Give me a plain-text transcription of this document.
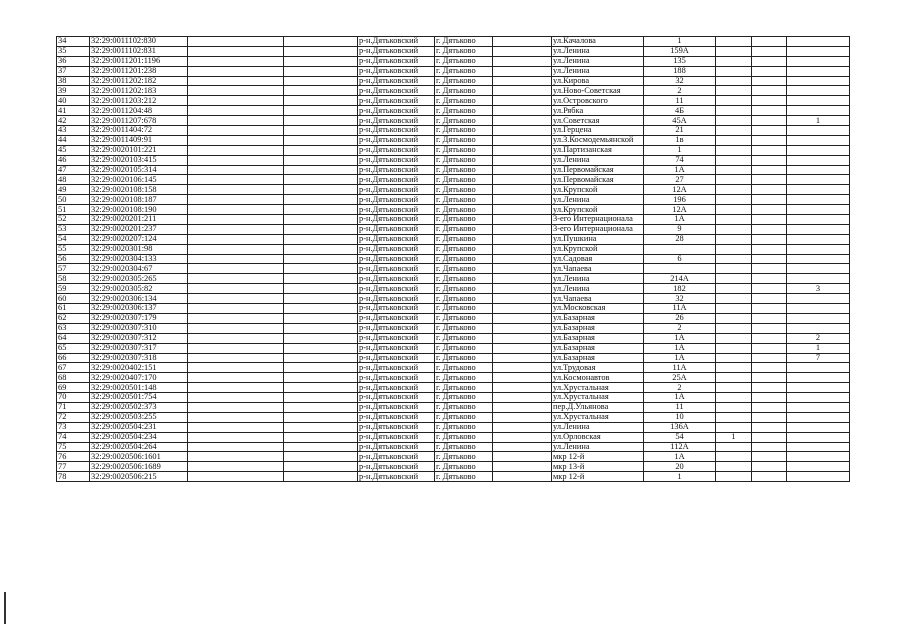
34	32:29:0011102:830			р-н.Дятьковский	г. Дятьково		ул.Качалова	1			
35	32:29:0011102:831			р-н.Дятьковский	г. Дятьково		ул.Ленина	159А			
36	32:29:0011201:1196			р-н.Дятьковский	г. Дятьково		ул.Ленина	135			
37	32:29:0011201:238			р-н.Дятьковский	г. Дятьково		ул.Ленина	188			
38	32:29:0011202:182			р-н.Дятьковский	г. Дятьково		ул.Кирова	32			
39	32:29:0011202:183			р-н.Дятьковский	г. Дятьково		ул.Ново-Советская	2			
40	32:29:0011203:212			р-н.Дятьковский	г. Дятьково		ул.Островского	11			
41	32:29:0011204:48			р-н.Дятьковский	г. Дятьково		ул.Рябка	4Б			
42	32:29:0011207:678			р-н.Дятьковский	г. Дятьково		ул.Советская	45А			1
43	32:29:0011404:72			р-н.Дятьковский	г. Дятьково		ул.Герцена	21			
44	32:29:0011409:91			р-н.Дятьковский	г. Дятьково		ул.З.Космодемьянской	1в			
45	32:29:0020101:221			р-н.Дятьковский	г. Дятьково		ул.Партизанская	1			
46	32:29:0020103:415			р-н.Дятьковский	г. Дятьково		ул.Ленина	74			
47	32:29:0020105:314			р-н.Дятьковский	г. Дятьково		ул.Первомайская	1А			
48	32:29:0020106:145			р-н.Дятьковский	г. Дятьково		ул.Первомайская	27			
49	32:29:0020108:158			р-н.Дятьковский	г. Дятьково		ул.Крупской	12А			
50	32:29:0020108:187			р-н.Дятьковский	г. Дятьково		ул.Ленина	196			
51	32:29:0020108:190			р-н.Дятьковский	г. Дятьково		ул.Крупской	12А			
52	32:29:0020201:211			р-н.Дятьковский	г. Дятьково		3-его Интернационала	1А			
53	32:29:0020201:237			р-н.Дятьковский	г. Дятьково		3-его Интернационала	9			
54	32:29:0020207:124			р-н.Дятьковский	г. Дятьково		ул.Пушкина	28			
55	32:29:0020301:98			р-н.Дятьковский	г. Дятьково		ул.Крупской				
56	32:29:0020304:133			р-н.Дятьковский	г. Дятьково		ул.Садовая	6			
57	32:29:0020304:67			р-н.Дятьковский	г. Дятьково		ул.Чапаева				
58	32:29:0020305:265			р-н.Дятьковский	г. Дятьково		ул.Ленина	214А			
59	32:29:0020305:82			р-н.Дятьковский	г. Дятьково		ул.Ленина	182			3
60	32:29:0020306:134			р-н.Дятьковский	г. Дятьково		ул.Чапаева	32			
61	32:29:0020306:137			р-н.Дятьковский	г. Дятьково		ул.Московская	11А			
62	32:29:0020307:179			р-н.Дятьковский	г. Дятьково		ул.Базарная	26			
63	32:29:0020307:310			р-н.Дятьковский	г. Дятьково		ул.Базарная	2			
64	32:29:0020307:312			р-н.Дятьковский	г. Дятьково		ул.Базарная	1А			2
65	32:29:0020307:317			р-н.Дятьковский	г. Дятьково		ул.Базарная	1А			1
66	32:29:0020307:318			р-н.Дятьковский	г. Дятьково		ул.Базарная	1А			7
67	32:29:0020402:151			р-н.Дятьковский	г. Дятьково		ул.Трудовая	11А			
68	32:29:0020407:170			р-н.Дятьковский	г. Дятьково		ул.Космонавтов	25А			
69	32:29:0020501:148			р-н.Дятьковский	г. Дятьково		ул.Хрустальная	2			
70	32:29:0020501:754			р-н.Дятьковский	г. Дятьково		ул.Хрустальная	1А			
71	32:29:0020502:373			р-н.Дятьковский	г. Дятьково		пер.Д.Ульянова	11			
72	32:29:0020503:255			р-н.Дятьковский	г. Дятьково		ул.Хрустальная	10			
73	32:29:0020504:231			р-н.Дятьковский	г. Дятьково		ул.Ленина	136А			
74	32:29:0020504:234			р-н.Дятьковский	г. Дятьково		ул.Орловская	54	1		
75	32:29:0020504:264			р-н.Дятьковский	г. Дятьково		ул.Ленина	112А			
76	32:29:0020506:1601			р-н.Дятьковский	г. Дятьково		мкр 12-й	1А			
77	32:29:0020506:1689			р-н.Дятьковский	г. Дятьково		мкр 13-й	20			
78	32:29:0020506:215			р-н.Дятьковский	г. Дятьково		мкр 12-й	1			
